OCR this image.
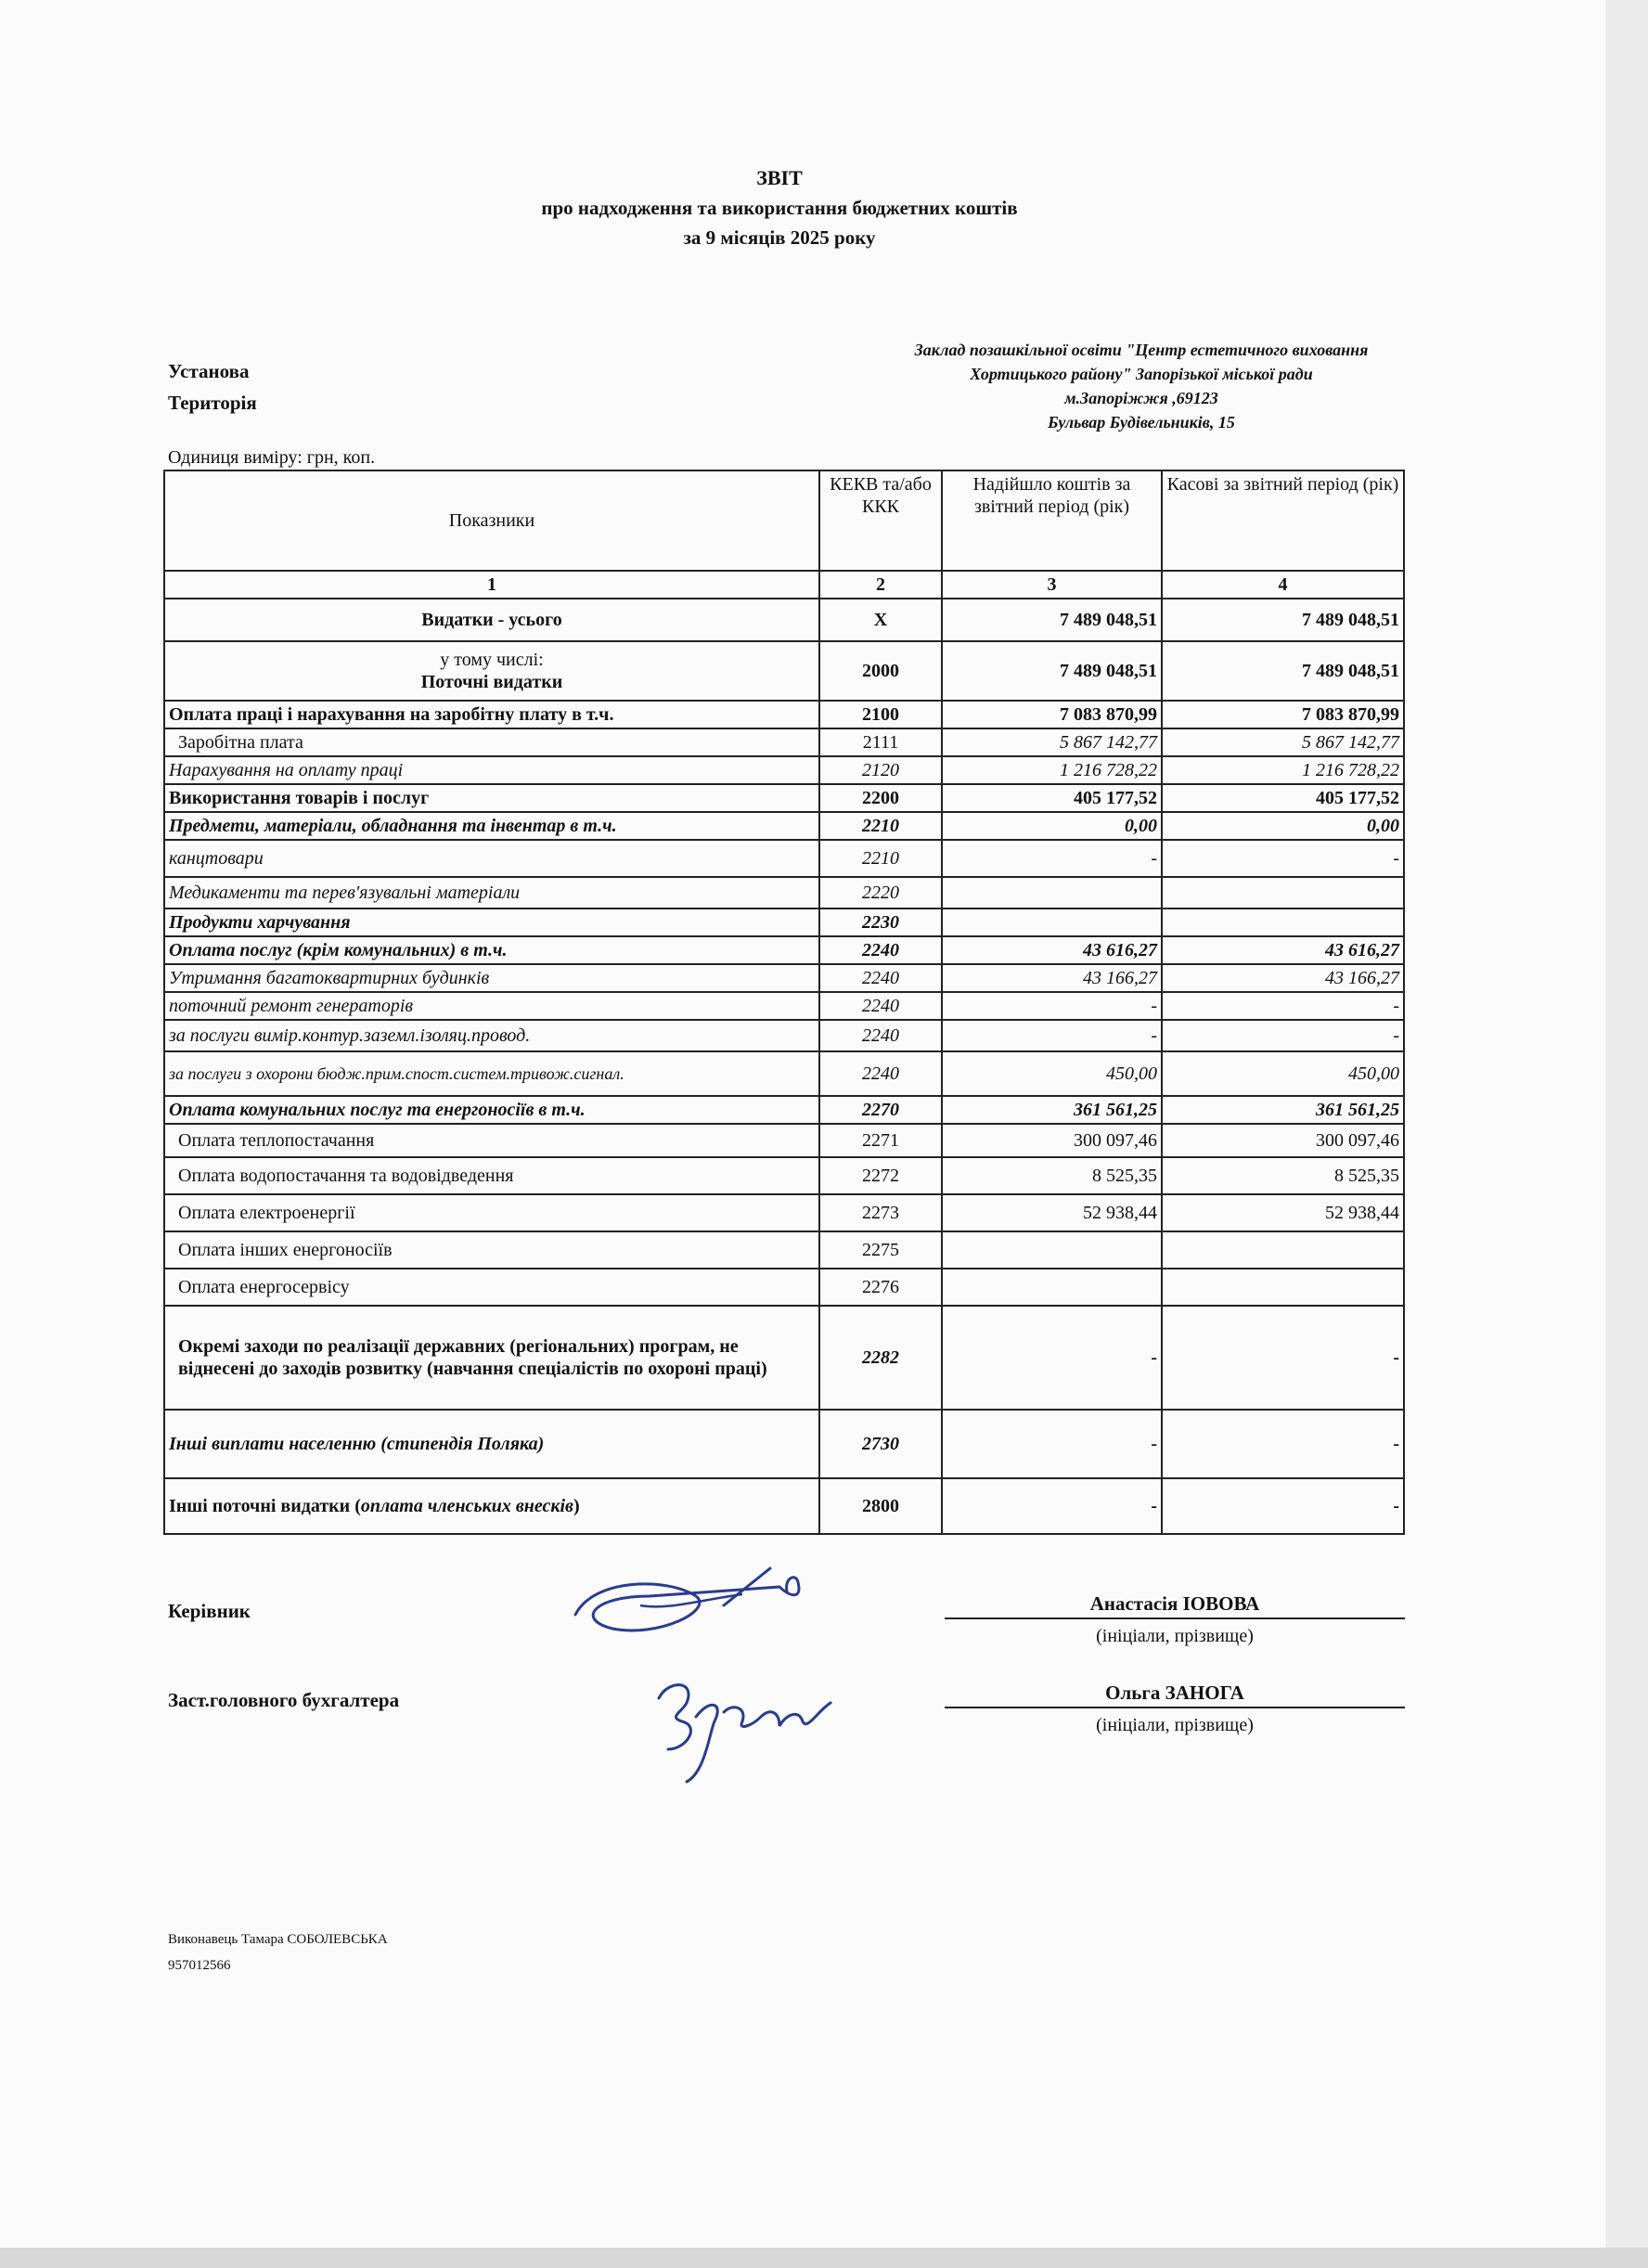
ЗВІТ
про надходження та використання бюджетних коштів
за 9 місяців 2025 року
Установа
Територія
Заклад позашкільної освіти "Центр естетичного виховання
Хортицького району" Запорізької міської ради
м.Запоріжжя ,69123
Бульвар Будівельників, 15
Одиниця виміру: грн, коп.
Показники	КЕКВ та/або ККК	Надійшло коштів за звітний період (рік)	Касові за звітний період (рік)
1	2	3	4
Видатки - усього	Х	7 489 048,51	7 489 048,51

у тому числі:
Поточні видатки	2000	7 489 048,51	7 489 048,51
Оплата праці і нарахування на заробітну плату в т.ч.	2100	7 083 870,99	7 083 870,99
Заробітна плата	2111	5 867 142,77	5 867 142,77
Нарахування на оплату праці	2120	1 216 728,22	1 216 728,22
Використання товарів і послуг	2200	405 177,52	405 177,52
Предмети, матеріали, обладнання та інвентар в т.ч.	2210	0,00	0,00
канцтовари	2210	-	-
Медикаменти та перев'язувальні матеріали	2220		
Продукти харчування	2230		
Оплата послуг (крім комунальних) в т.ч.	2240	43 616,27	43 616,27
Утримання багатоквартирних будинків	2240	43 166,27	43 166,27
поточний ремонт генераторів	2240	-	-
за послуги вимір.контур.заземл.ізоляц.провод.	2240	-	-
за послуги з охорони бюдж.прим.спост.систем.тривож.сигнал.	2240	450,00	450,00
Оплата комунальних послуг та енергоносіїв в т.ч.	2270	361 561,25	361 561,25
Оплата теплопостачання	2271	300 097,46	300 097,46
Оплата водопостачання та водовідведення	2272	8 525,35	8 525,35
Оплата електроенергії	2273	52 938,44	52 938,44
Оплата інших енергоносіїв	2275		
Оплата енергосервісу	2276		
Окремі заходи по реалізації державних (регіональних) програм, не віднесені до заходів розвитку (навчання спеціалістів по охороні праці)	2282	-	-
Інші виплати населенню (стипендія Поляка)	2730	-	-
Інші поточні видатки (оплата членських внесків)	2800	-	-
Керівник	Анастасія ІОВОВА
(ініціали, прізвище)
Заст.головного бухгалтера	Ольга ЗАНОГА
(ініціали, прізвище)
Виконавець Тамара СОБОЛЕВСЬКА
957012566
